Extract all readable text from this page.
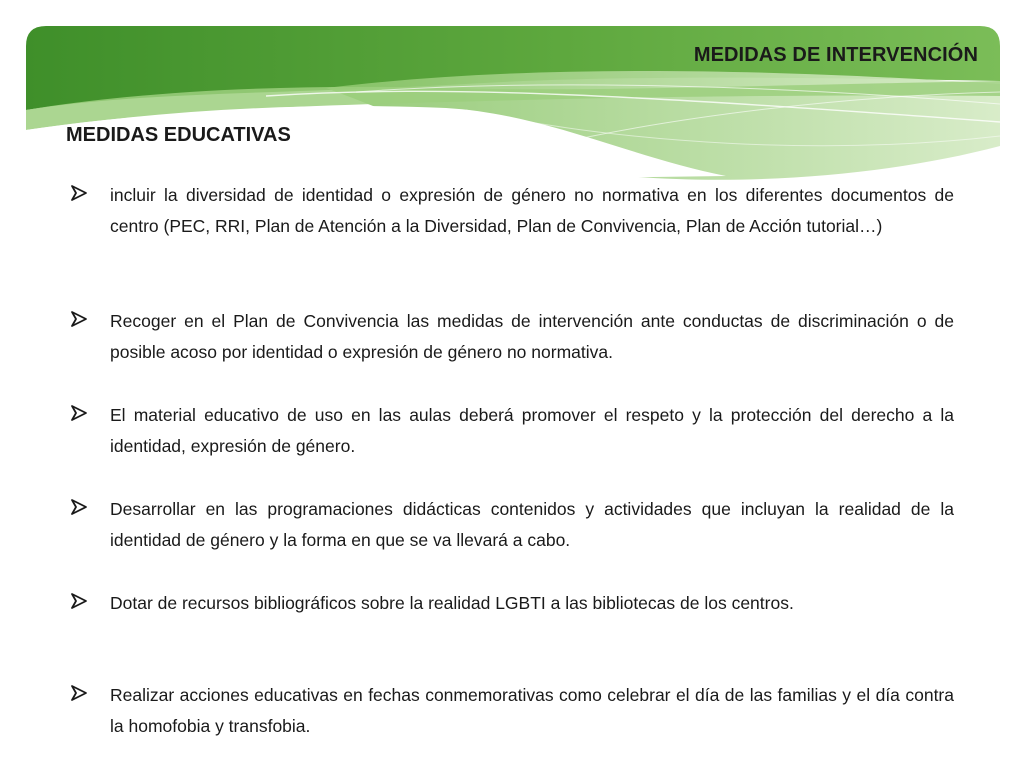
MEDIDAS DE INTERVENCIÓN
MEDIDAS EDUCATIVAS
incluir la diversidad de identidad o expresión de género no normativa en los diferentes documentos de centro (PEC, RRI, Plan de Atención a la Diversidad, Plan de Convivencia, Plan de Acción tutorial…)
Recoger en el Plan de Convivencia las medidas de intervención ante conductas de discriminación o de posible acoso por identidad o expresión de género no normativa.
El material educativo de uso en las aulas deberá promover el respeto y la protección del derecho a la identidad, expresión de género.
Desarrollar en las programaciones didácticas contenidos y actividades que incluyan la realidad de la identidad de género y la forma en que se va llevará a cabo.
Dotar de recursos bibliográficos sobre la realidad LGBTI a las bibliotecas de los centros.
Realizar acciones educativas en fechas conmemorativas como celebrar el día de las familias y el día contra la homofobia y transfobia.
